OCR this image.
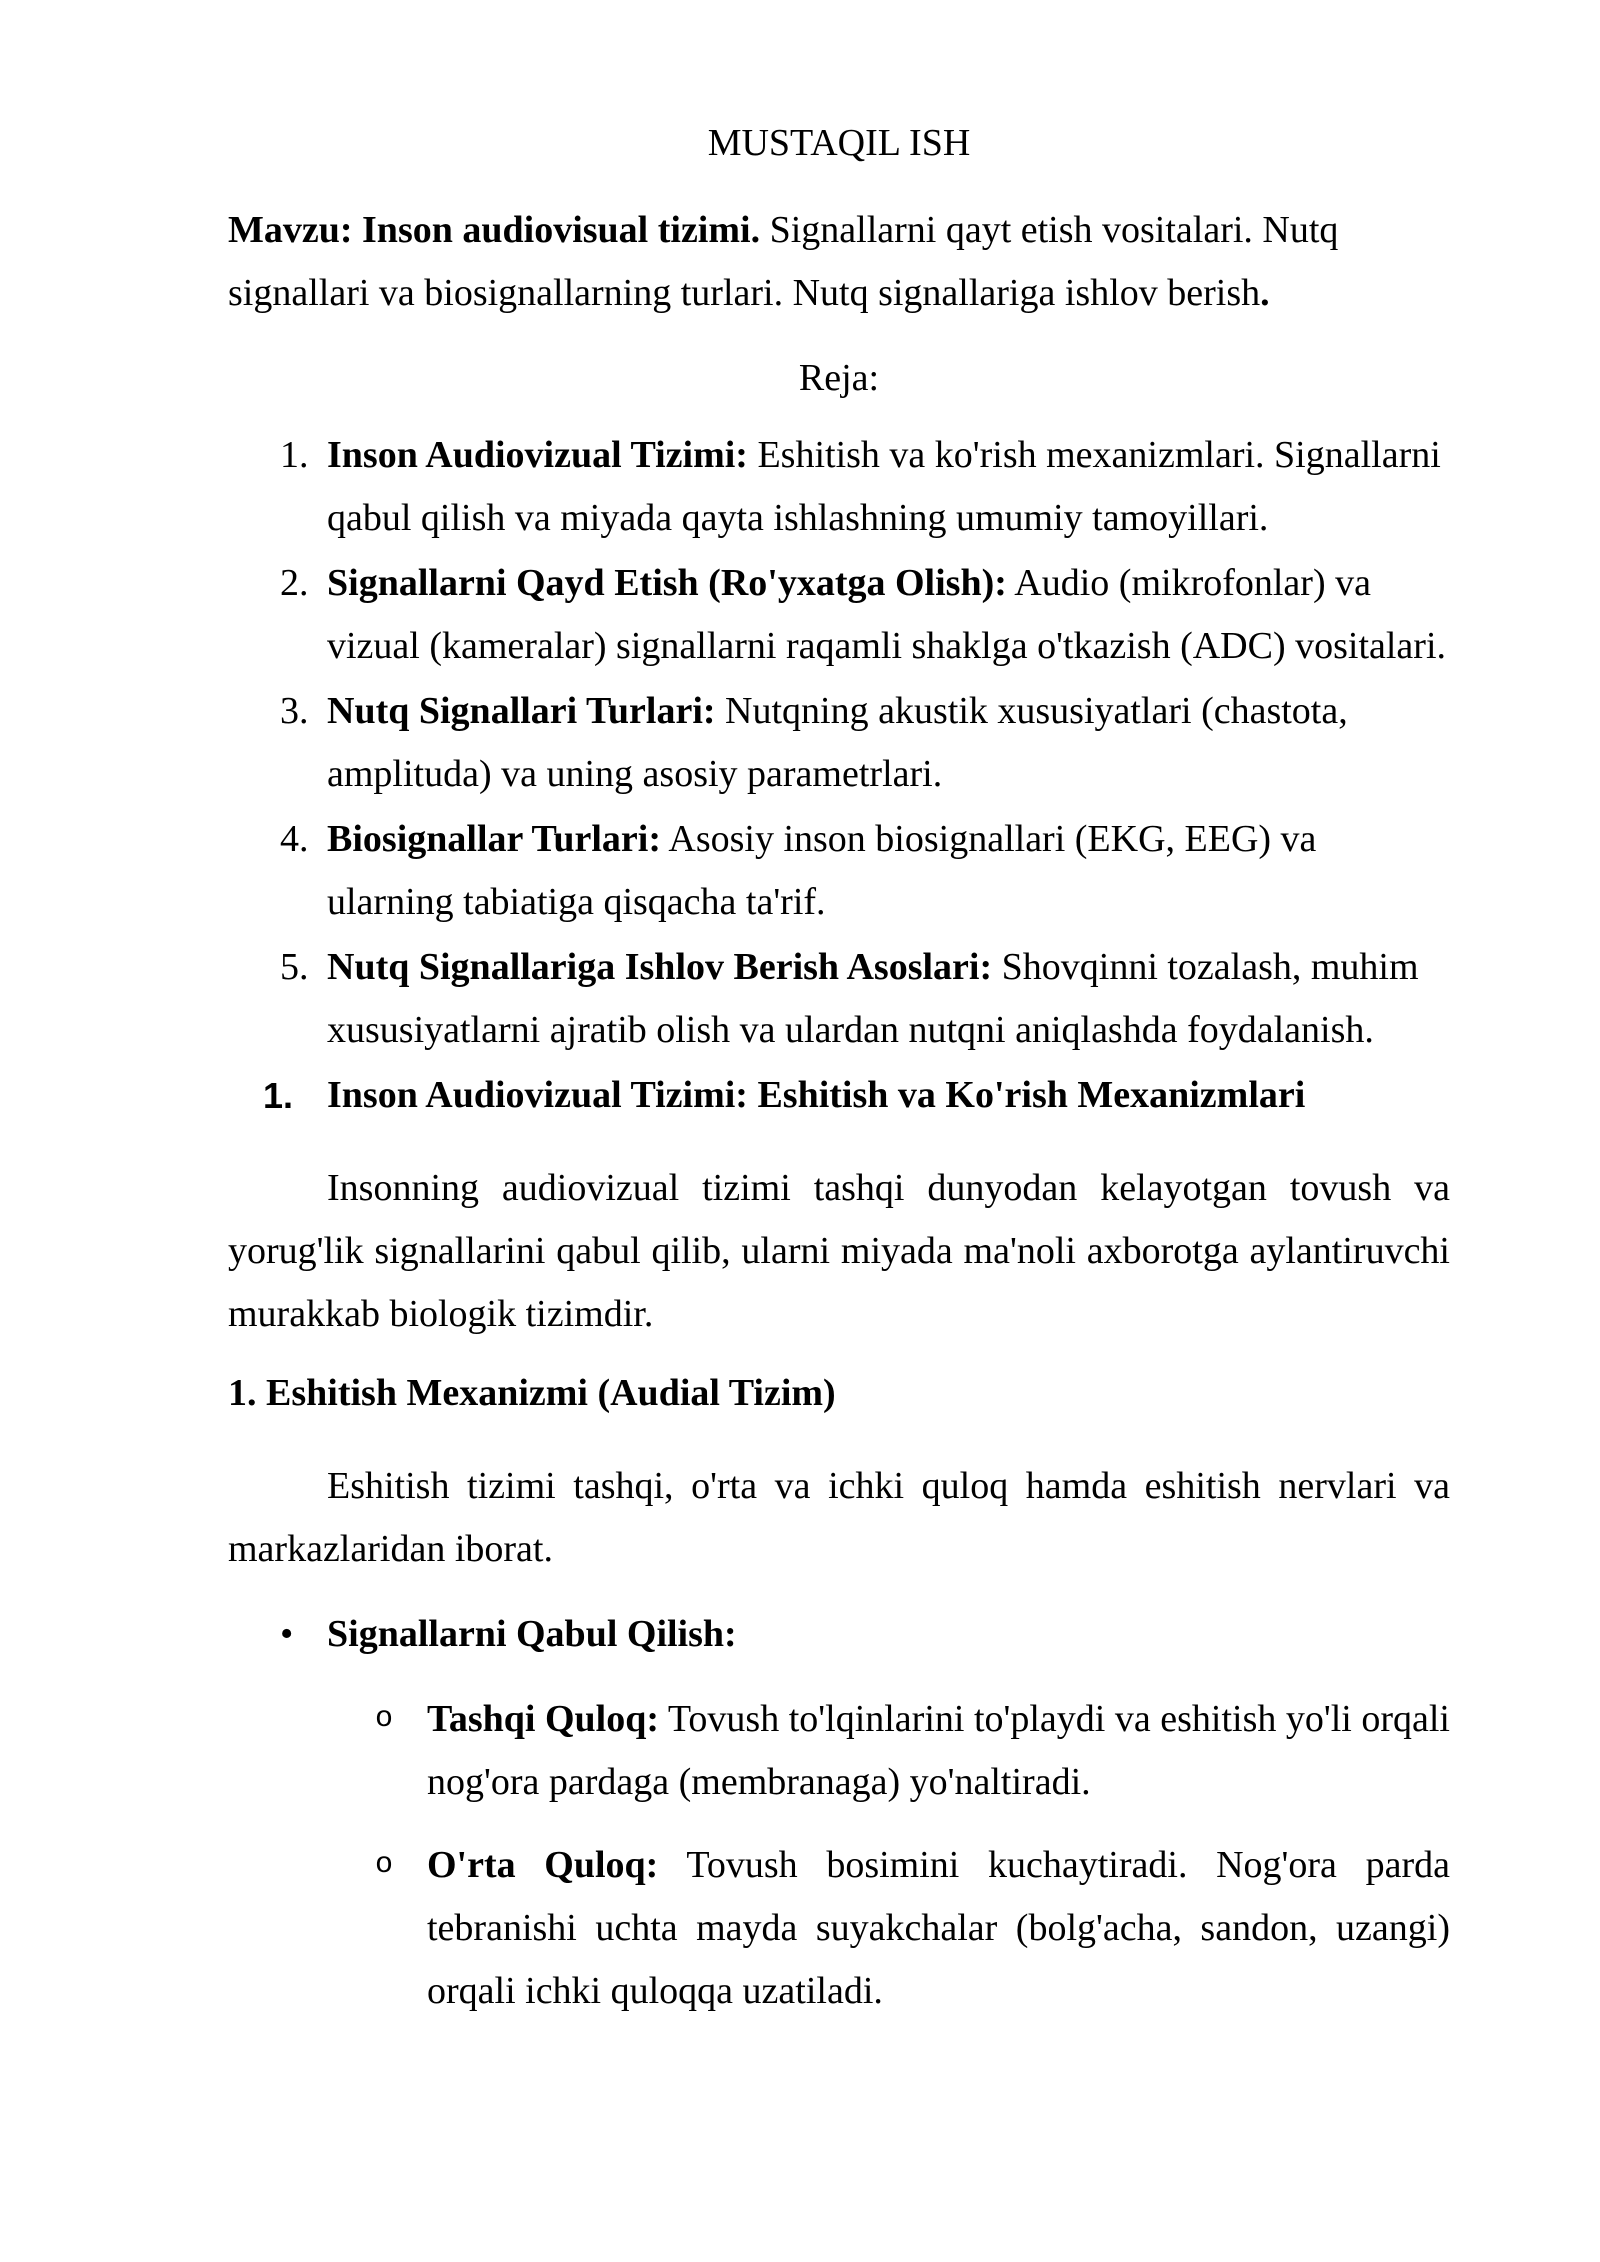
MUSTAQIL ISH

Mavzu: Inson audiovisual tizimi. Signallarni qayt etish vositalari. Nutq signallari va biosignallarning turlari. Nutq signallariga ishlov berish.

Reja:

1. Inson Audiovizual Tizimi: Eshitish va ko'rish mexanizmlari. Signallarni qabul qilish va miyada qayta ishlashning umumiy tamoyillari.
2. Signallarni Qayd Etish (Ro'yxatga Olish): Audio (mikrofonlar) va vizual (kameralar) signallarni raqamli shaklga o'tkazish (ADC) vositalari.
3. Nutq Signallari Turlari: Nutqning akustik xususiyatlari (chastota, amplituda) va uning asosiy parametrlari.
4. Biosignallar Turlari: Asosiy inson biosignallari (EKG, EEG) va ularning tabiatiga qisqacha ta'rif.
5. Nutq Signallariga Ishlov Berish Asoslari: Shovqinni tozalash, muhim xususiyatlarni ajratib olish va ulardan nutqni aniqlashda foydalanish.
1. Inson Audiovizual Tizimi: Eshitish va Ko'rish Mexanizmlari

Insonning audiovizual tizimi tashqi dunyodan kelayotgan tovush va yorug'lik signallarini qabul qilib, ularni miyada ma'noli axborotga aylantiruvchi murakkab biologik tizimdir.

1. Eshitish Mexanizmi (Audial Tizim)

Eshitish tizimi tashqi, o'rta va ichki quloq hamda eshitish nervlari va markazlaridan iborat.

• Signallarni Qabul Qilish:
o Tashqi Quloq: Tovush to'lqinlarini to'playdi va eshitish yo'li orqali nog'ora pardaga (membranaga) yo'naltiradi.
o O'rta Quloq: Tovush bosimini kuchaytiradi. Nog'ora parda tebranishi uchta mayda suyakchalar (bolg'acha, sandon, uzangi) orqali ichki quloqqa uzatiladi.
